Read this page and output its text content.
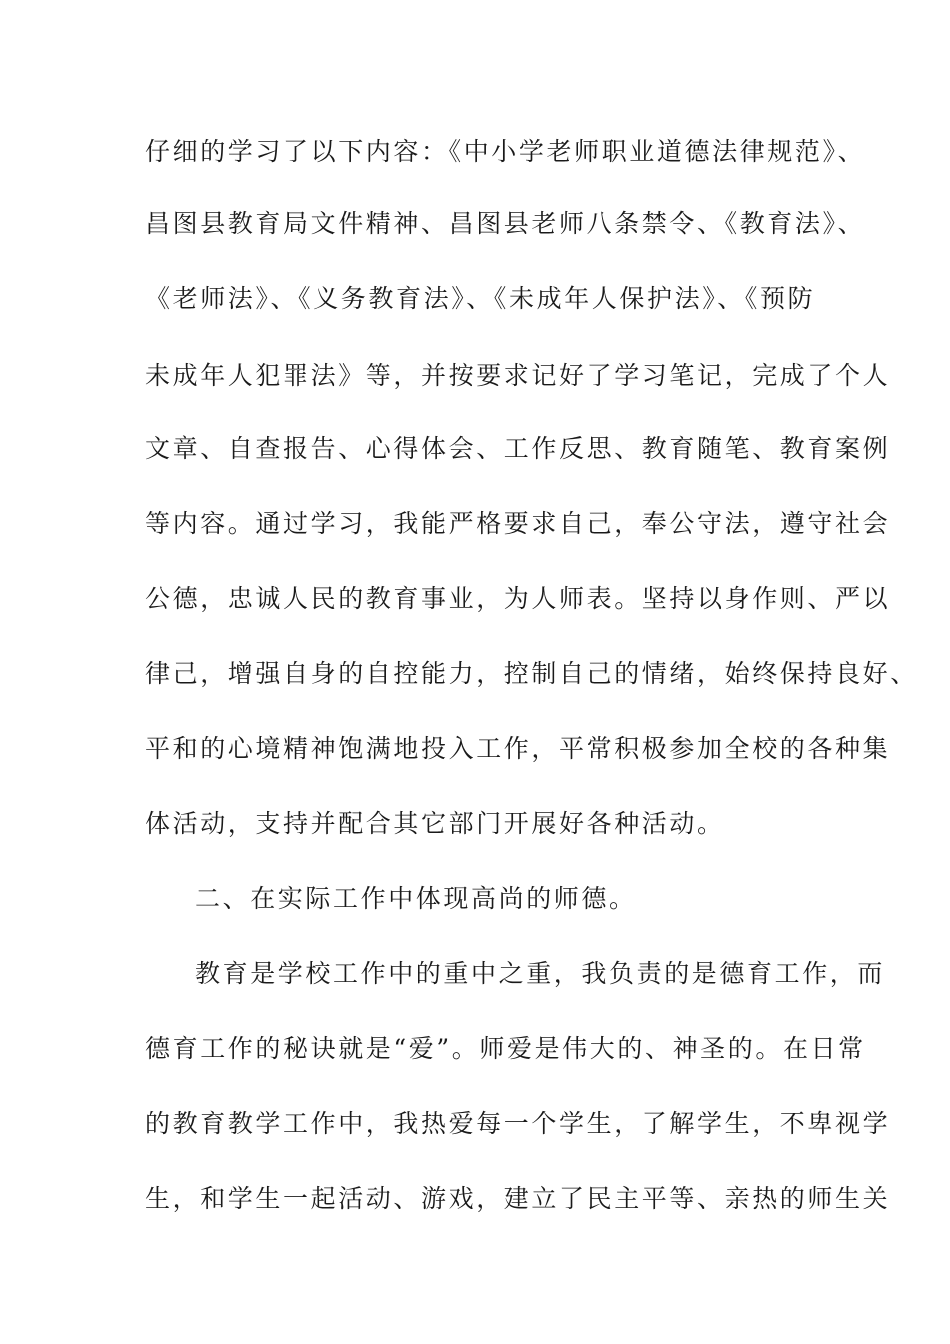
仔细的学习了以下内容：《中小学老师职业道德法律规范》、
昌图县教育局文件精神、昌图县老师八条禁令、《教育法》、
《老师法》、《义务教育法》、《未成年人保护法》、《预防
未成年人犯罪法》等，并按要求记好了学习笔记，完成了个人
文章、自查报告、心得体会、工作反思、教育随笔、教育案例
等内容。通过学习，我能严格要求自己，奉公守法，遵守社会
公德，忠诚人民的教育事业，为人师表。坚持以身作则、严以
律己，增强自身的自控能力，控制自己的情绪，始终保持良好、
平和的心境精神饱满地投入工作，平常积极参加全校的各种集
体活动，支持并配合其它部门开展好各种活动。
二、在实际工作中体现高尚的师德。
教育是学校工作中的重中之重，我负责的是德育工作，而
德育工作的秘诀就是“爱”。师爱是伟大的、神圣的。在日常
的教育教学工作中，我热爱每一个学生，了解学生，不卑视学
生，和学生一起活动、游戏，建立了民主平等、亲热的师生关
